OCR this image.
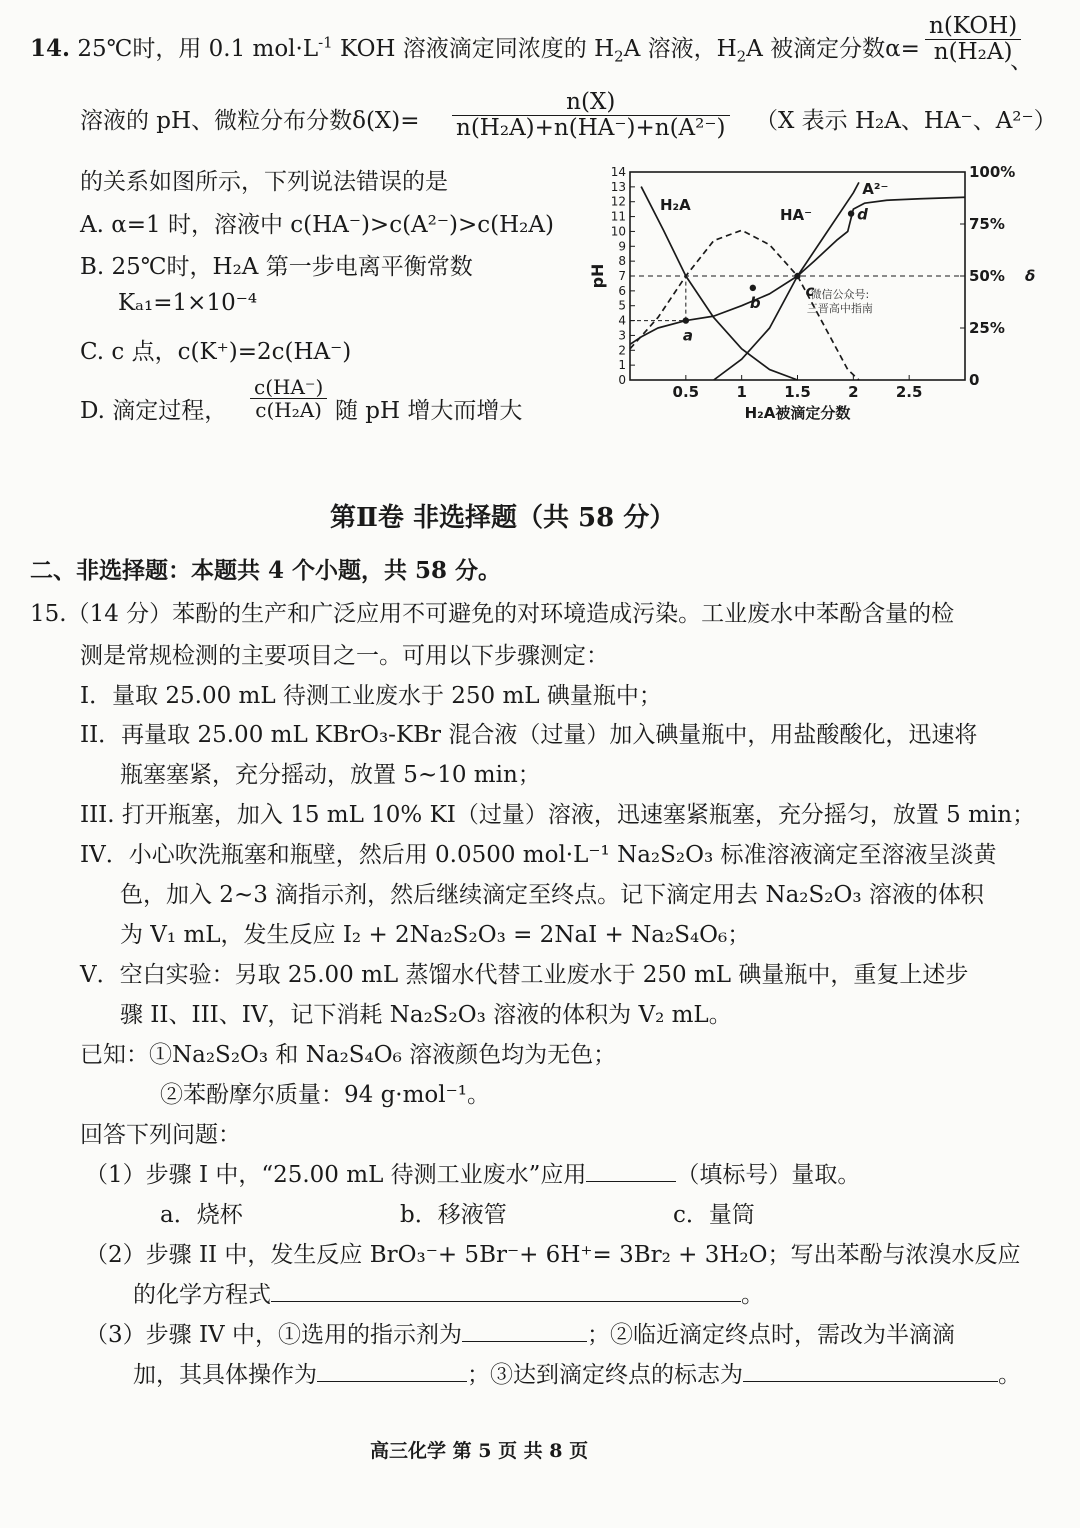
14. 25℃时，用 0.1 $mol\cdot L^{-1}$ KOH 溶液滴定同浓度的 $H_2A$ 溶液，$H_2A$ 被滴定分数α=
n(KOH)
n(H₂A)
、
溶液的 pH、微粒分布分数$\delta(X)= \frac{n(X)}{\text{n(H₂A)+n(HA⁻)+n(A²⁻)}} (X$ 表示 H₂A、HA⁻、A²⁻）
的关系如图所示，下列说法错误的是
A. α=1 时，溶液中 c(HA⁻)>c(A²⁻)>c(H₂A)
B. 25℃时，H₂A 第一步电离平衡常数
Kₐ₁=1×10⁻⁴
C. c 点，c(K⁺)=2c(HA⁻)
D. 滴定过程， $\frac{c(HA^-)}{\text{c(H₂A)}}$ 随 pH 增大而增大
0
1
2
3
4
5
6
7
8
9
10
11
12
13
14
0
25%
50%
75%
100%
δ
0.5 1 1.5 2 2.5
H₂A被滴定分数
pH
a
b
c
d
H₂A
HA⁻
A²⁻
微信公众号:
三晋高中指南
第Ⅱ卷 非选择题（共 58 分）
二、非选择题：本题共 4 个小题，共 58 分。
15.（14 分）苯酚的生产和广泛应用不可避免的对环境造成污染。工业废水中苯酚含量的检
测是常规检测的主要项目之一。可用以下步骤测定：
I．量取 25.00 mL 待测工业废水于 250 mL 碘量瓶中；
II．再量取 25.00 mL KBrO₃-KBr 混合液（过量）加入碘量瓶中，用盐酸酸化，迅速将
瓶塞塞紧，充分摇动，放置 5~10 min；
III. 打开瓶塞，加入 15 mL 10% KI（过量）溶液，迅速塞紧瓶塞，充分摇匀，放置 5 min；
IV．小心吹洗瓶塞和瓶壁，然后用 0.0500 mol·L⁻¹ Na₂S₂O₃ 标准溶液滴定至溶液呈淡黄
色，加入 2~3 滴指示剂，然后继续滴定至终点。记下滴定用去 Na₂S₂O₃ 溶液的体积
为 V₁ mL，发生反应 I₂ + 2Na₂S₂O₃ = 2NaI + Na₂S₄O₆；
V．空白实验：另取 25.00 mL 蒸馏水代替工业废水于 250 mL 碘量瓶中，重复上述步
骤 II、III、IV，记下消耗 Na₂S₂O₃ 溶液的体积为 V₂ mL。
已知：①Na₂S₂O₃ 和 Na₂S₄O₆ 溶液颜色均为无色；
②苯酚摩尔质量：94 g·mol⁻¹。
回答下列问题：
（1）步骤 I 中，“25.00 mL 待测工业废水”应用	（填标号）量取。
a．烧杯	b．移液管	c．量筒
（2）步骤 II 中，发生反应 BrO₃⁻+ 5Br⁻+ 6H⁺= 3Br₂ + 3H₂O；写出苯酚与浓溴水反应
的化学方程式	。
（3）步骤 IV 中，①选用的指示剂为	；②临近滴定终点时，需改为半滴滴
加，其具体操作为	；③达到滴定终点的标志为	。
高三化学 第 5 页 共 8 页
